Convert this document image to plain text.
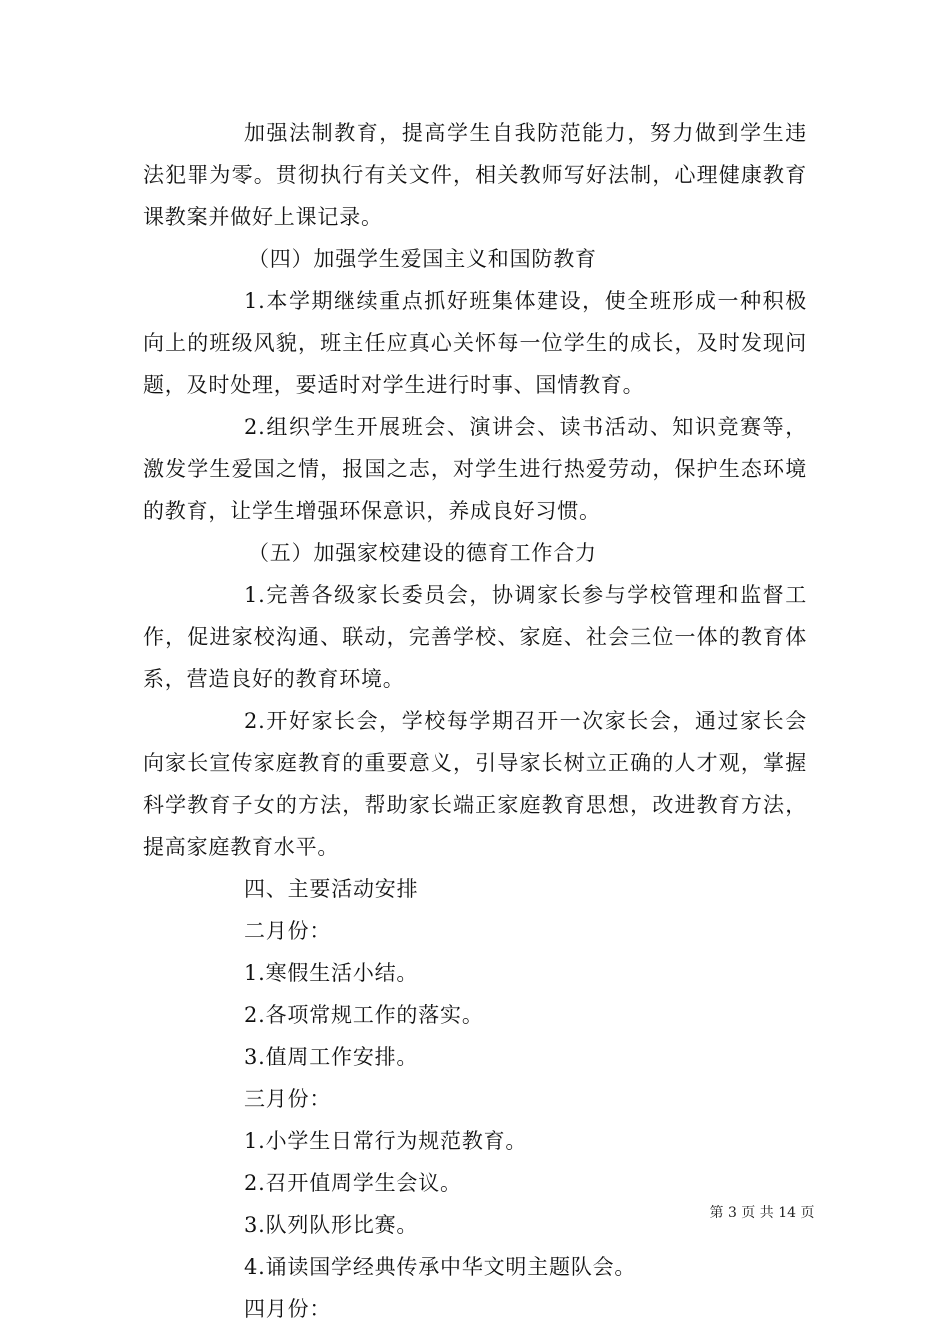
加强法制教育，提高学生自我防范能力，努力做到学生违法犯罪为零。贯彻执行有关文件，相关教师写好法制，心理健康教育课教案并做好上课记录。

（四）加强学生爱国主义和国防教育

1.本学期继续重点抓好班集体建设，使全班形成一种积极向上的班级风貌，班主任应真心关怀每一位学生的成长，及时发现问题，及时处理，要适时对学生进行时事、国情教育。

2.组织学生开展班会、演讲会、读书活动、知识竞赛等，激发学生爱国之情，报国之志，对学生进行热爱劳动，保护生态环境的教育，让学生增强环保意识，养成良好习惯。

（五）加强家校建设的德育工作合力

1.完善各级家长委员会，协调家长参与学校管理和监督工作，促进家校沟通、联动，完善学校、家庭、社会三位一体的教育体系，营造良好的教育环境。

2.开好家长会，学校每学期召开一次家长会，通过家长会向家长宣传家庭教育的重要意义，引导家长树立正确的人才观，掌握科学教育子女的方法，帮助家长端正家庭教育思想，改进教育方法，提高家庭教育水平。

四、主要活动安排

二月份：

1.寒假生活小结。

2.各项常规工作的落实。

3.值周工作安排。

三月份：

1.小学生日常行为规范教育。

2.召开值周学生会议。

3.队列队形比赛。

4.诵读国学经典传承中华文明主题队会。

四月份：

第 3 页 共 14 页
